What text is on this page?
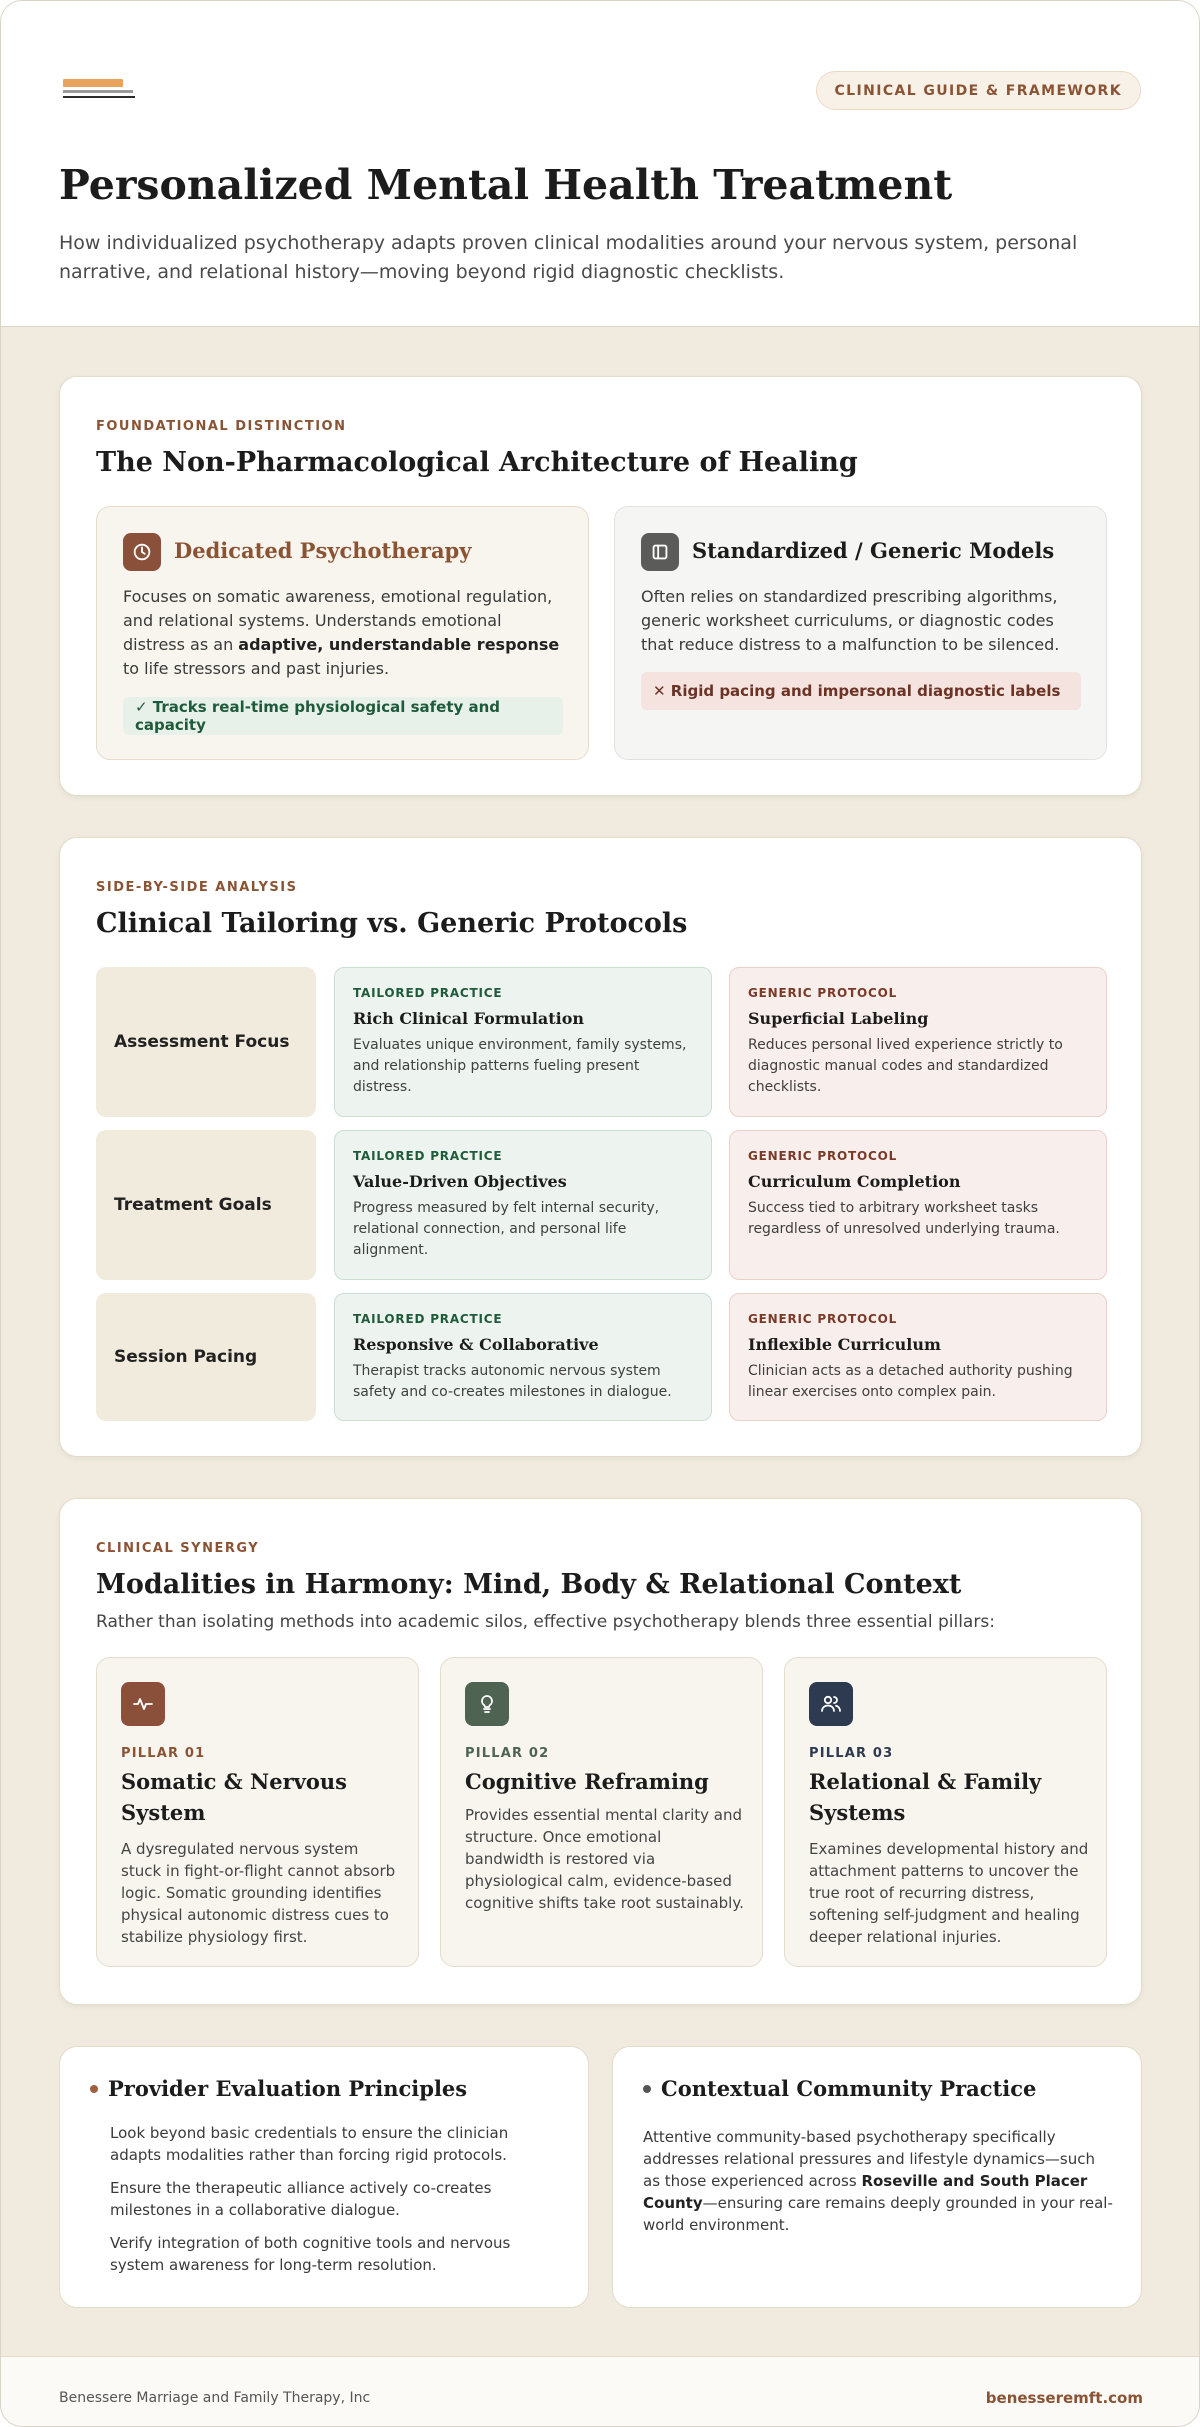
CLINICAL GUIDE & FRAMEWORK
Personalized Mental Health Treatment

How individualized psychotherapy adapts proven clinical modalities around your nervous system, personal narrative, and relational history—moving beyond rigid diagnostic checklists.

FOUNDATIONAL DISTINCTION
The Non-Pharmacological Architecture of Healing
Dedicated Psychotherapy
Focuses on somatic awareness, emotional regulation, and relational systems. Understands emotional distress as an adaptive, understandable response to life stressors and past injuries.
✓ Tracks real-time physiological safety and capacity
Standardized / Generic Models
Often relies on standardized prescribing algorithms, generic worksheet curriculums, or diagnostic codes that reduce distress to a malfunction to be silenced.
✕ Rigid pacing and impersonal diagnostic labels
SIDE-BY-SIDE ANALYSIS
Clinical Tailoring vs. Generic Protocols
Assessment Focus
TAILORED PRACTICE
Rich Clinical Formulation
Evaluates unique environment, family systems, and relationship patterns fueling present distress.
GENERIC PROTOCOL
Superficial Labeling
Reduces personal lived experience strictly to diagnostic manual codes and standardized checklists.
Treatment Goals
TAILORED PRACTICE
Value-Driven Objectives
Progress measured by felt internal security, relational connection, and personal life alignment.
GENERIC PROTOCOL
Curriculum Completion
Success tied to arbitrary worksheet tasks regardless of unresolved underlying trauma.
Session Pacing
TAILORED PRACTICE
Responsive & Collaborative
Therapist tracks autonomic nervous system safety and co-creates milestones in dialogue.
GENERIC PROTOCOL
Inflexible Curriculum
Clinician acts as a detached authority pushing linear exercises onto complex pain.
CLINICAL SYNERGY
Modalities in Harmony: Mind, Body & Relational Context

Rather than isolating methods into academic silos, effective psychotherapy blends three essential pillars:

PILLAR 01
Somatic & Nervous System
A dysregulated nervous system stuck in fight-or-flight cannot absorb logic. Somatic grounding identifies physical autonomic distress cues to stabilize physiology first.
PILLAR 02
Cognitive Reframing
Provides essential mental clarity and structure. Once emotional bandwidth is restored via physiological calm, evidence-based cognitive shifts take root sustainably.
PILLAR 03
Relational & Family Systems
Examines developmental history and attachment patterns to uncover the true root of recurring distress, softening self-judgment and healing deeper relational injuries.
Provider Evaluation Principles
Look beyond basic credentials to ensure the clinician adapts modalities rather than forcing rigid protocols.
Ensure the therapeutic alliance actively co-creates milestones in a collaborative dialogue.
Verify integration of both cognitive tools and nervous system awareness for long-term resolution.
Contextual Community Practice
Attentive community-based psychotherapy specifically addresses relational pressures and lifestyle dynamics—such as those experienced across Roseville and South Placer County—ensuring care remains deeply grounded in your real-world environment.
Benessere Marriage and Family Therapy, Inc	benesseremft.com
